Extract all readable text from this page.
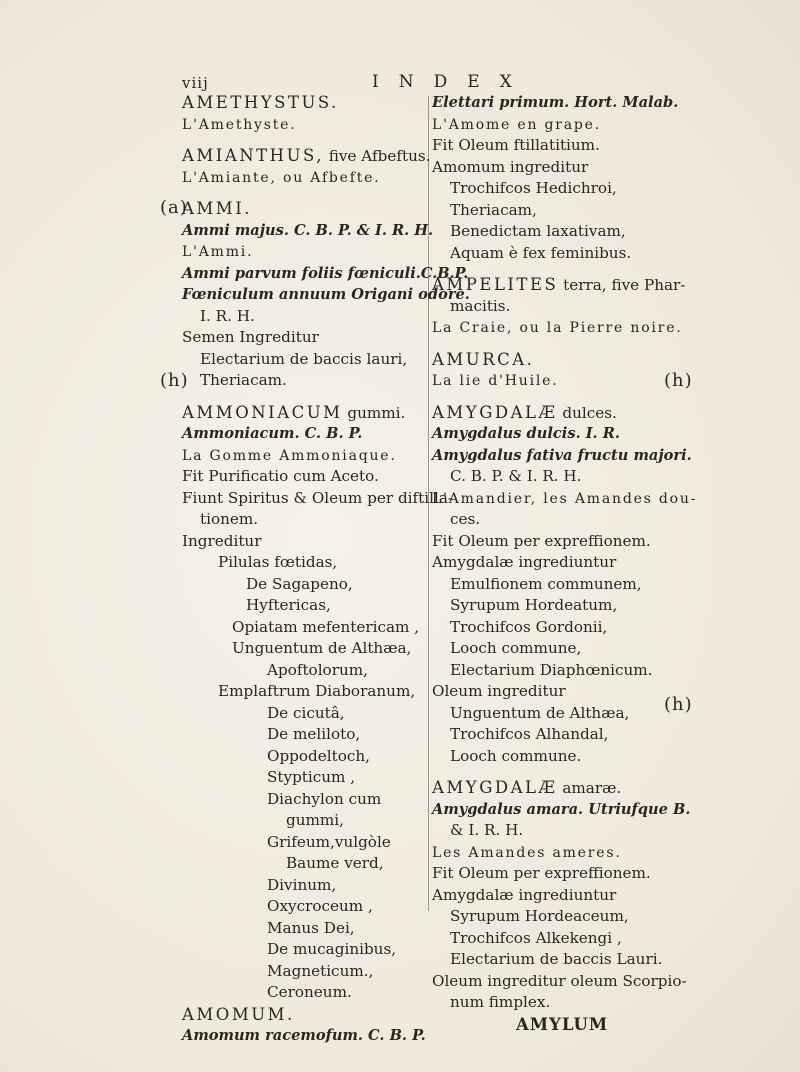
viij	INDEX
(a)
(h)	(h)
(h)
AMETHYSTUS.
L'Amethyste.
AMIANTHUS, five Afbeftus.
L'Amiante, ou Afbefte.
AMMI.
Ammi majus. C. B. P. & I. R. H.
L'Ammi.
Ammi parvum foliis fœniculi.C.B.P.
Fœniculum annuum Origani odore.
I. R. H.
Semen Ingreditur
Electarium de baccis lauri,
Theriacam.
AMMONIACUM gummi.
Ammoniacum. C. B. P.
La Gomme Ammoniaque.
Fit Purificatio cum Aceto.
Fiunt Spiritus & Oleum per diftilla-
tionem.
Ingreditur
Pilulas fœtidas,
De Sagapeno,
Hyftericas,
Opiatam mefentericam ,
Unguentum de Althæa,
Apoftolorum,
Emplaftrum Diaboranum,
De cicutâ,
De meliloto,
Oppodeltoch,
Stypticum ,
Diachylon cum
gummi,
Grifeum,vulgòle
Baume verd,
Divinum,
Oxycroceum ,
Manus Dei,
De mucaginibus,
Magneticum.,
Ceroneum.
AMOMUM.
Amomum racemofum. C. B. P.
Elettari primum. Hort. Malab.
L'Amome en grape.
Fit Oleum ftillatitium.
Amomum ingreditur
Trochifcos Hedichroi,
Theriacam,
Benedictam laxativam,
Aquam è fex feminibus.
AMPELITES terra, five Phar-
macitis.
La Craie, ou la Pierre noire.
AMURCA.
La lie d'Huile.
AMYGDALÆ dulces.
Amygdalus dulcis. I. R.
Amygdalus fativa fructu majori.
C. B. P. & I. R. H.
L'Amandier, les Amandes dou-
ces.
Fit Oleum per expreffionem.
Amygdalæ ingrediuntur
Emulfionem communem,
Syrupum Hordeatum,
Trochifcos Gordonii,
Looch commune,
Electarium Diaphœnicum.
Oleum ingreditur
Unguentum de Althæa,
Trochifcos Alhandal,
Looch commune.
AMYGDALÆ amaræ.
Amygdalus amara. Utriufque B.
& I. R. H.
Les Amandes ameres.
Fit Oleum per expreffionem.
Amygdalæ ingrediuntur
Syrupum Hordeaceum,
Trochifcos Alkekengi ,
Electarium de baccis Lauri.
Oleum ingreditur oleum Scorpio-
num fimplex.
AMYLUM
